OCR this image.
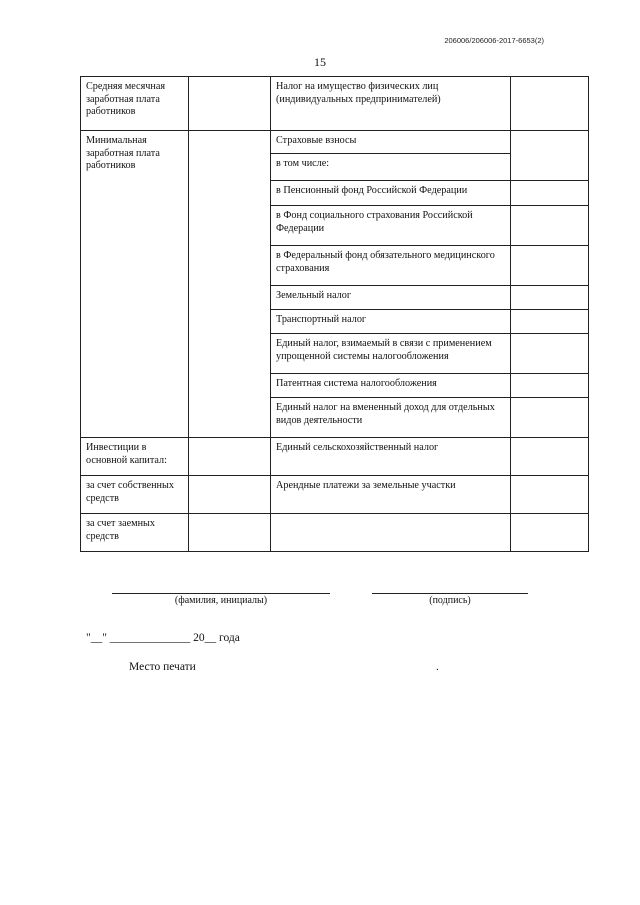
206006/206006-2017-6653(2)
15
Средняя месячная заработная плата работников		Налог на имущество физических лиц (индивидуальных предпринимателей)	
Минимальная заработная плата работников		Страховые взносы	
		в том числе:	
		в Пенсионный фонд Российской Федерации	
		в Фонд социального страхования Российской Федерации	
		в Федеральный фонд обязательного медицинского страхования	
		Земельный налог	
		Транспортный налог	
		Единый налог, взимаемый в связи с применением упрощенной системы налогообложения	
		Патентная система налогообложения	
		Единый налог на вмененный доход для отдельных видов деятельности	
Инвестиции в основной капитал:		Единый сельскохозяйственный налог	
за счет собственных средств		Арендные платежи за земельные участки	
за счет заемных средств			
(фамилия, инициалы)	(подпись)
"__" ______________ 20__ года
Место печати	.
